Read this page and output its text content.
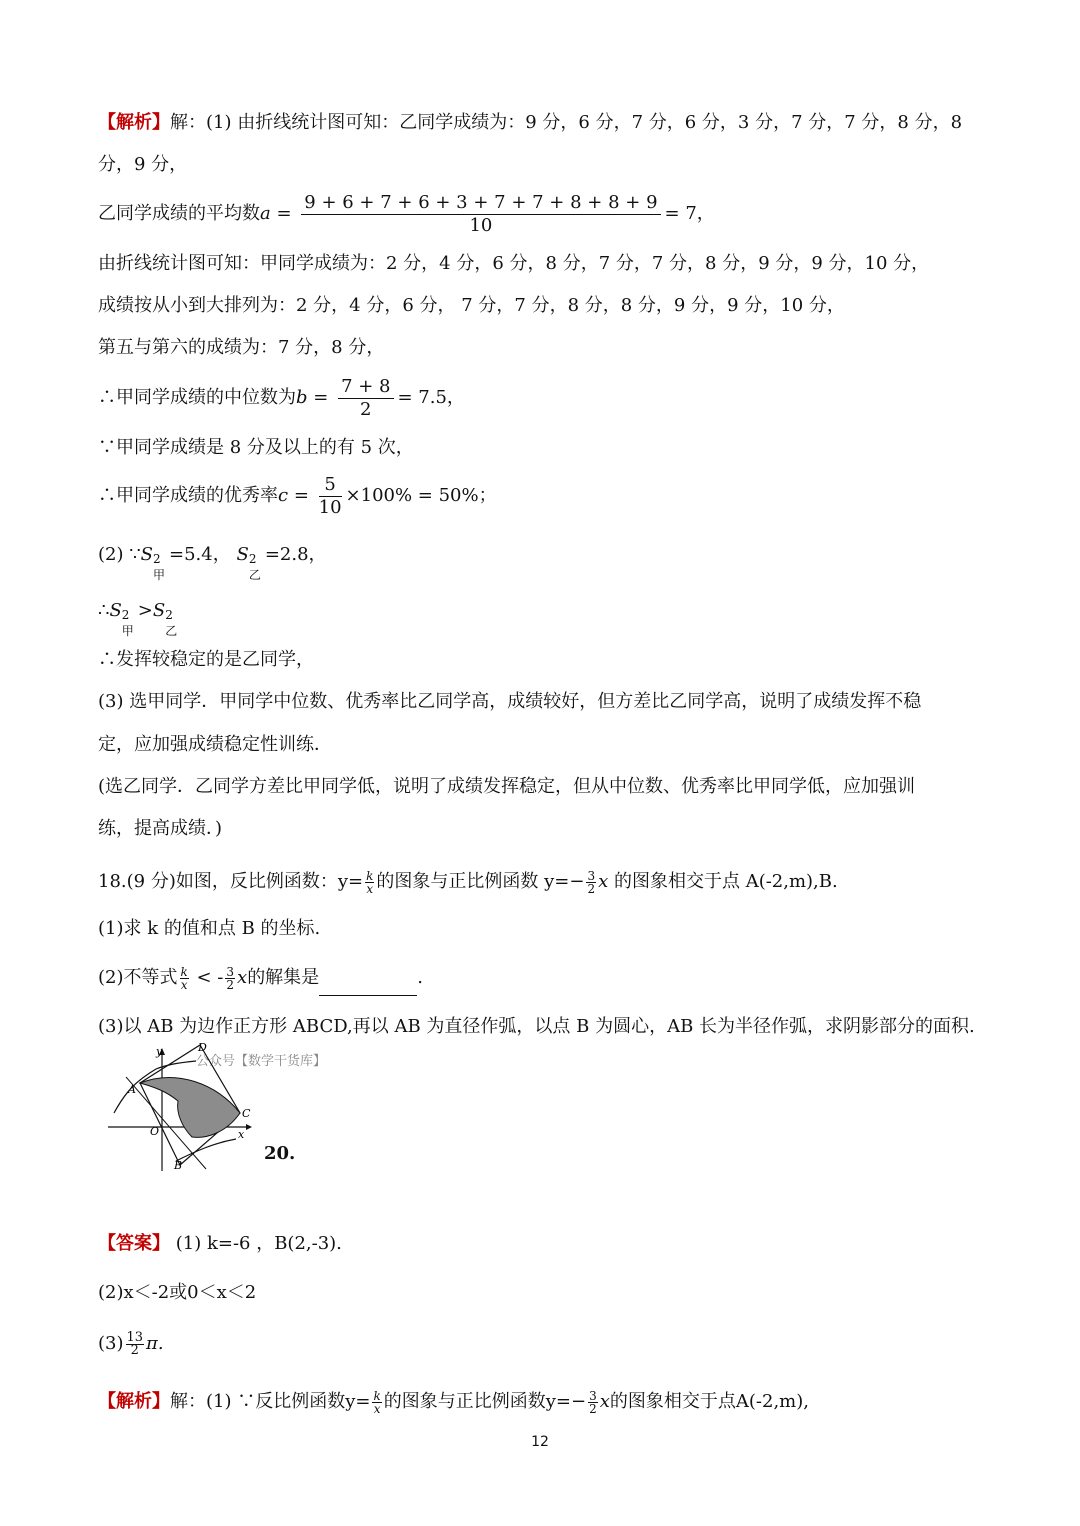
【解析】解：(1) 由折线统计图可知：乙同学成绩为：9 分，6 分，7 分，6 分，3 分，7 分，7 分，8 分，8
分，9 分，
乙同学成绩的平均数$a = \frac{9 + 6 + 7 + 6 + 3 + 7 + 7 + 8 + 8 + 9}{10} = 7$，
由折线统计图可知：甲同学成绩为：2 分，4 分，6 分，8 分，7 分，7 分，8 分，9 分，9 分，10 分，
成绩按从小到大排列为：2 分，4 分，6 分， 7 分，7 分，8 分，8 分，9 分，9 分，10 分，
第五与第六的成绩为：7 分，8 分，
∴甲同学成绩的中位数为$b = \frac{7 + 8}{2} = 7.5$，
∵甲同学成绩是 8 分及以上的有 5 次，
∴甲同学成绩的优秀率$c = \frac{5}{10} \times 100\% = 50\%$；
(2) ∵S 2
甲
=5.4， S 2
乙
=2.8，
∴S 2
甲
>S 2
乙
∴发挥较稳定的是乙同学，
(3) 选甲同学．甲同学中位数、优秀率比乙同学高，成绩较好，但方差比乙同学高，说明了成绩发挥不稳
定，应加强成绩稳定性训练．
(选乙同学．乙同学方差比甲同学低，说明了成绩发挥稳定，但从中位数、优秀率比甲同学低，应加强训
练，提高成绩．)
18.(9 分)如图，反比例函数：$y= \frac{k}{x}$ 的图象与正比例函数 $y=- \frac{3}{2}$ x 的图象相交于点 A(-2,m),B.
(1)求 k 的值和点 B 的坐标.
(2)不等式 $\frac{k}{x}$ < - $\frac{3}{2}$ x的解集是	.
(3)以 AB 为边作正方形 ABCD,再以 AB 为直径作弧，以点 B 为圆心，AB 长为半径作弧，求阴影部分的面积.
公众号【数学干货库】
y
x
O
A
B
C
D
20.
【答案】 (1) k=-6 ，B(2,-3).
(2)x＜-2或0＜x＜2
$(3) \frac{13}{2} \pi$.
【解析】解：(1) ∵反比例函数$y= \frac{k}{x}$ 的图象与正比例函数$y=- \frac{3}{2}$ x的图象相交于点A(-2,m),
12
